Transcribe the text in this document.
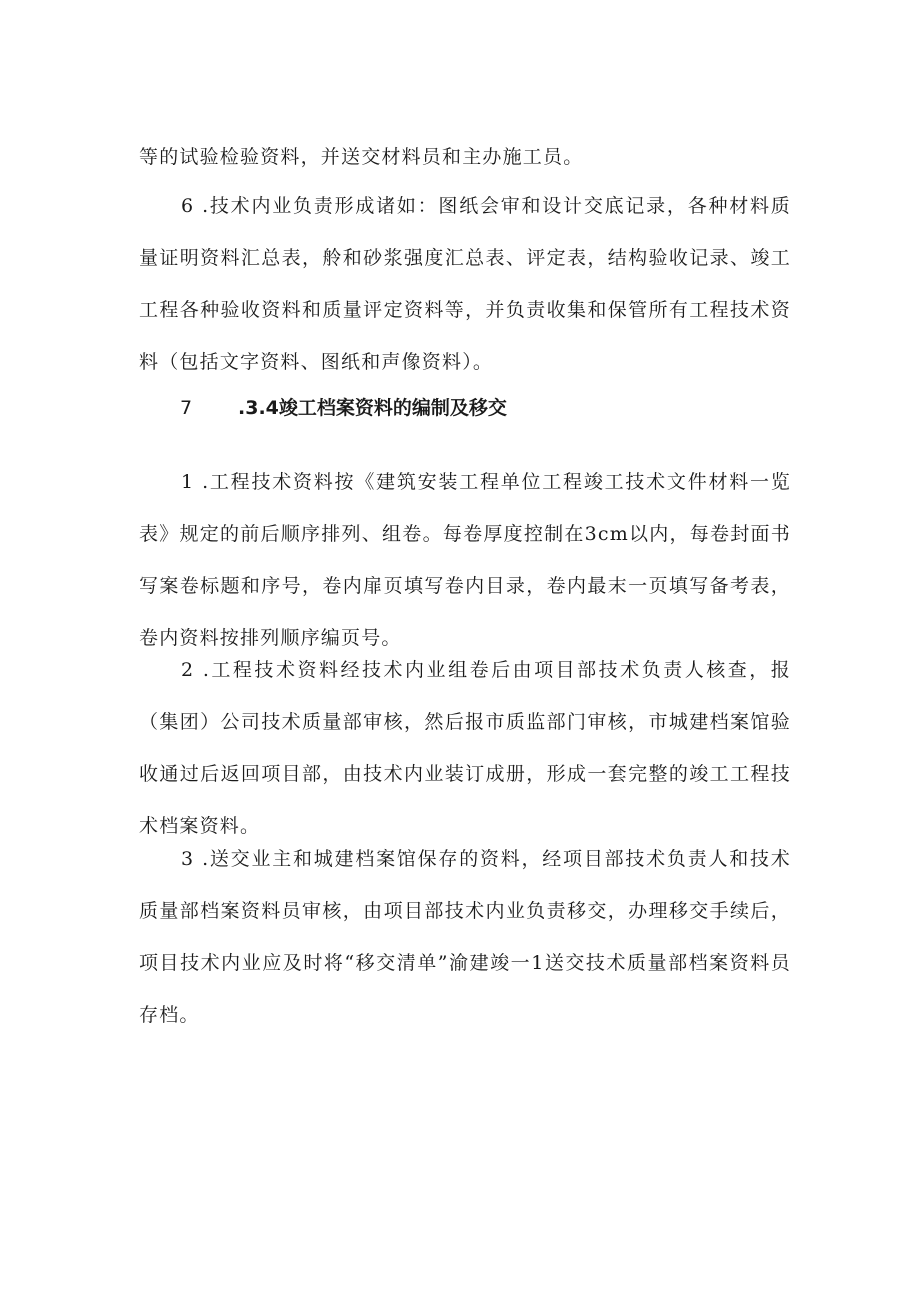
等的试验检验资料，并送交材料员和主办施工员。

6 .技术内业负责形成诸如：图纸会审和设计交底记录，各种材料质量证明资料汇总表，舲和砂浆强度汇总表、评定表，结构验收记录、竣工工程各种验收资料和质量评定资料等，并负责收集和保管所有工程技术资料（包括文字资料、图纸和声像资料）。

7 .3.4竣工档案资料的编制及移交

1 .工程技术资料按《建筑安装工程单位工程竣工技术文件材料一览表》规定的前后顺序排列、组卷。每卷厚度控制在3cm以内，每卷封面书写案卷标题和序号，卷内扉页填写卷内目录，卷内最末一页填写备考表，卷内资料按排列顺序编页号。

2 .工程技术资料经技术内业组卷后由项目部技术负责人核查，报（集团）公司技术质量部审核，然后报市质监部门审核，市城建档案馆验收通过后返回项目部，由技术内业装订成册，形成一套完整的竣工工程技术档案资料。

3 .送交业主和城建档案馆保存的资料，经项目部技术负责人和技术质量部档案资料员审核，由项目部技术内业负责移交，办理移交手续后，项目技术内业应及时将“移交清单”渝建竣一1送交技术质量部档案资料员存档。
